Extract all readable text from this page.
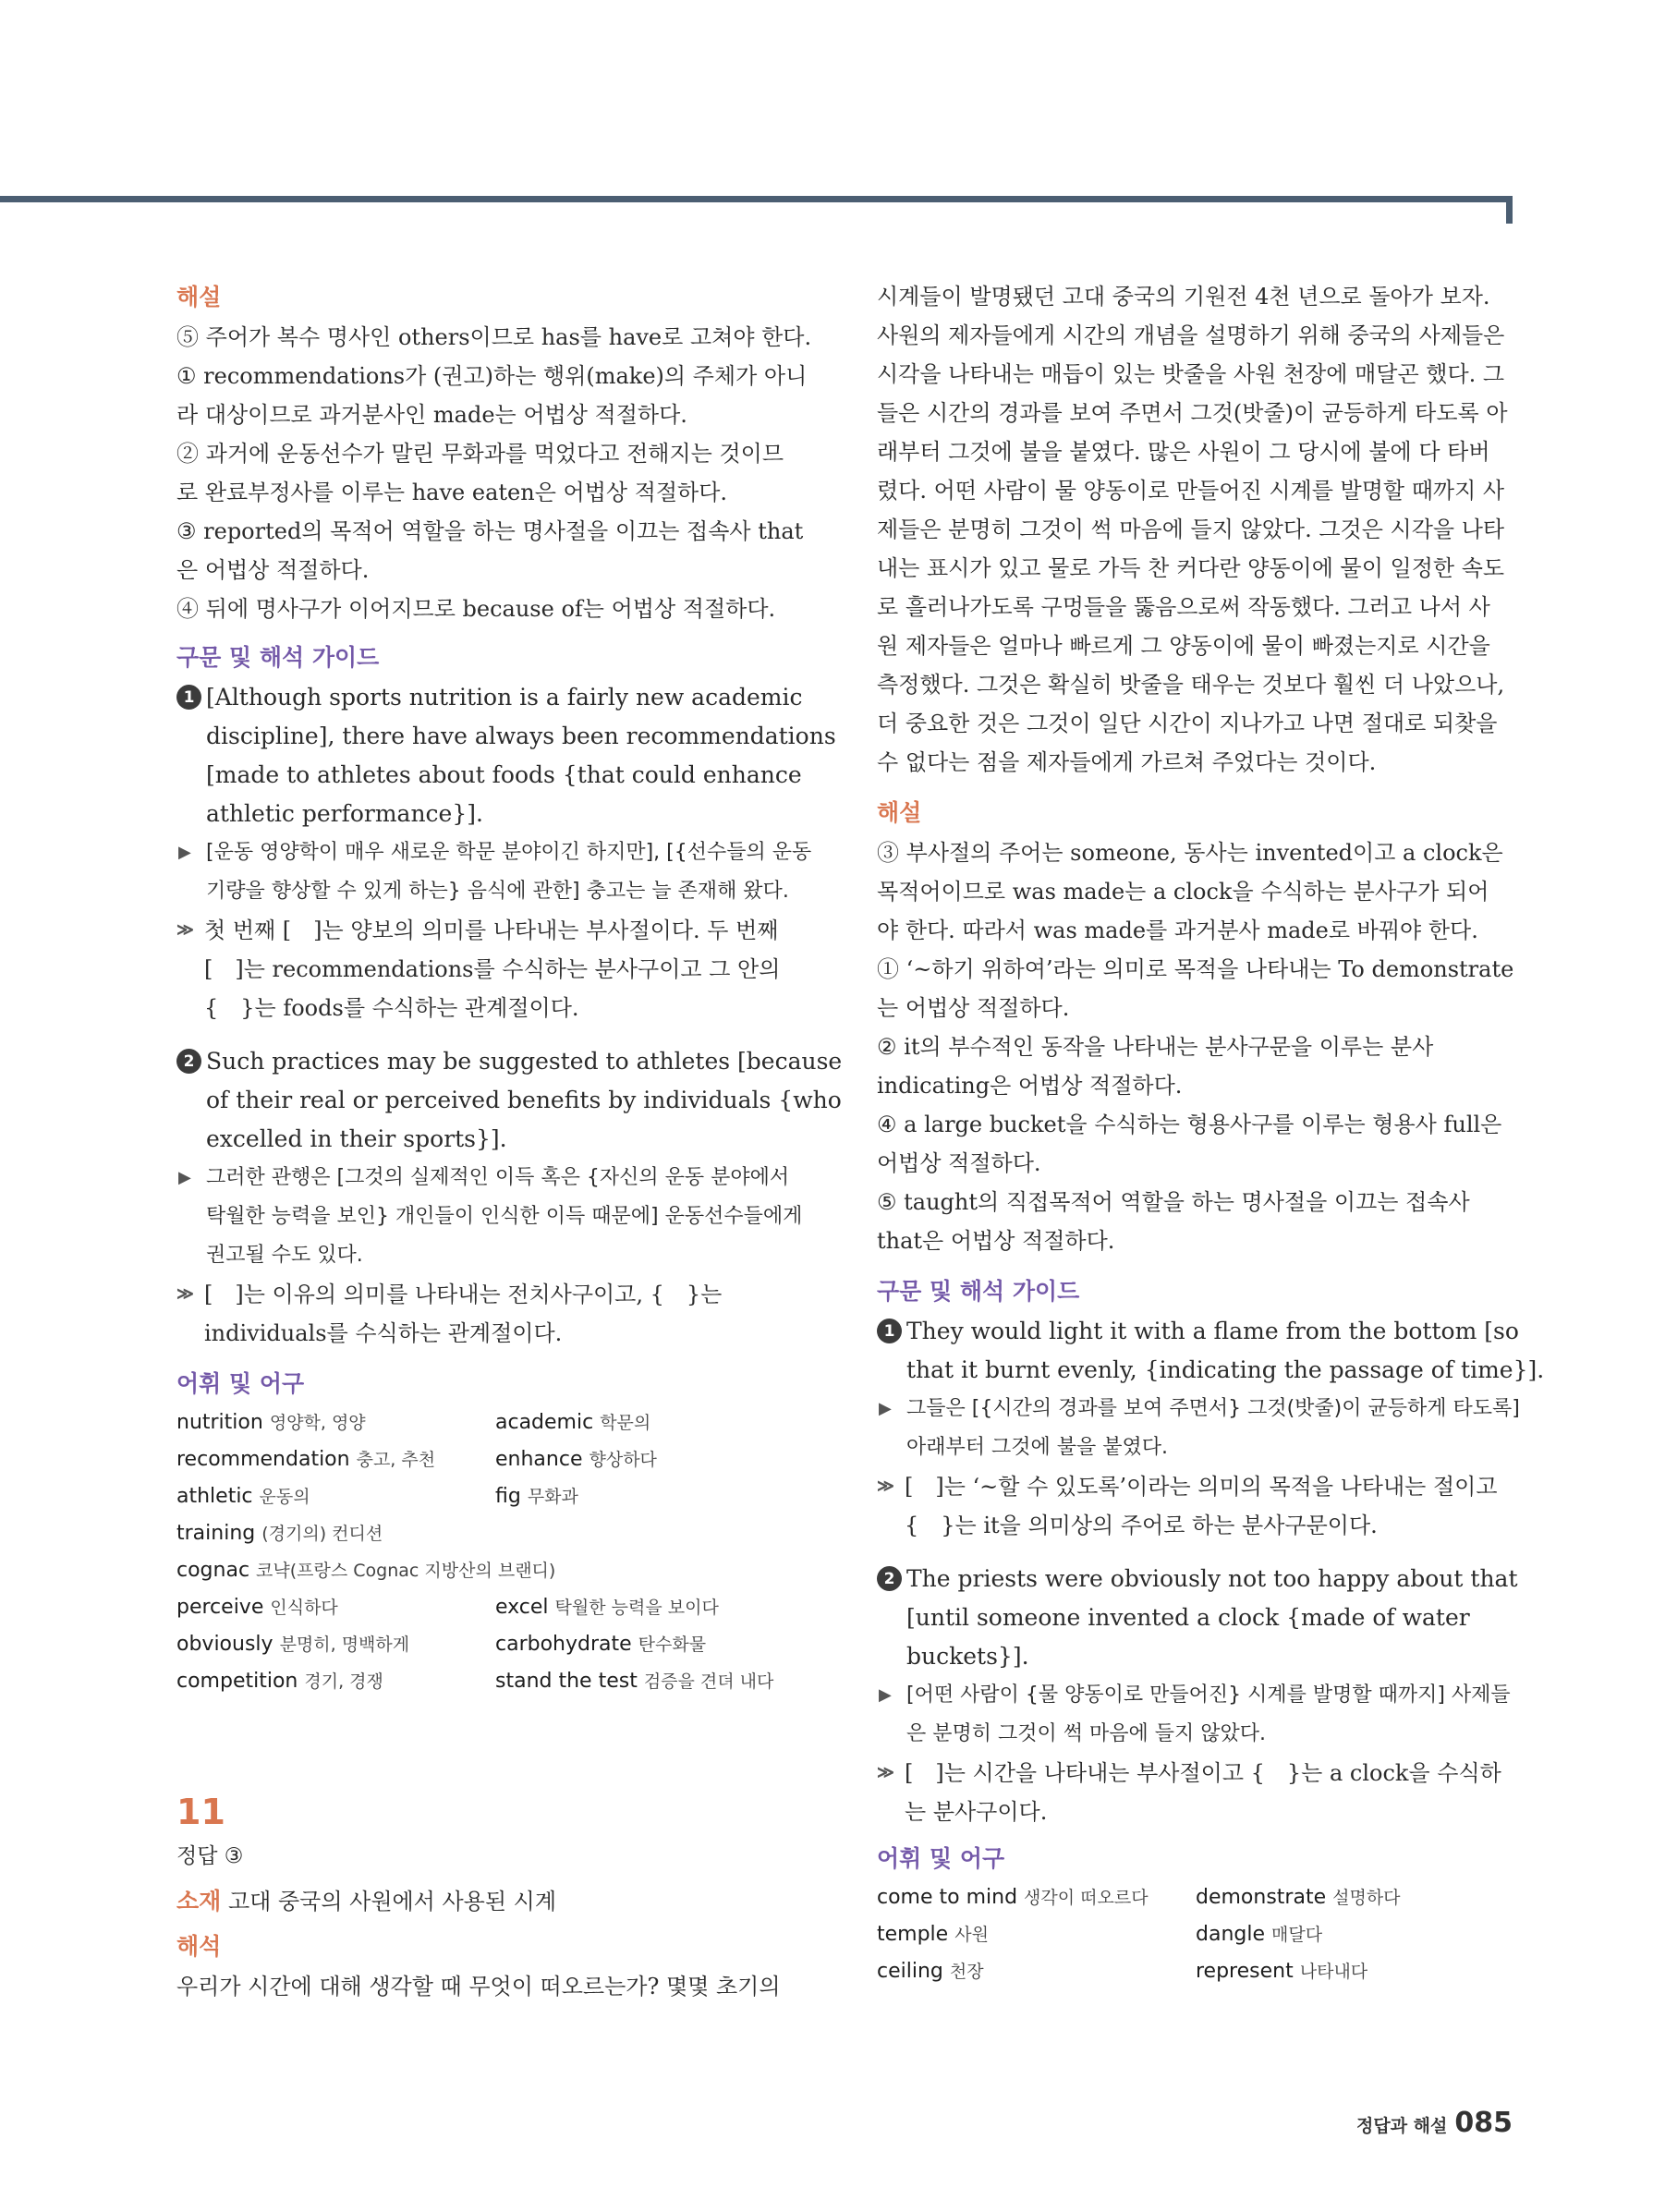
해설

⑤ 주어가 복수 명사인 others이므로 has를 have로 고쳐야 한다.

① recommendations가 (권고)하는 행위(make)의 주체가 아니

라 대상이므로 과거분사인 made는 어법상 적절하다.

② 과거에 운동선수가 말린 무화과를 먹었다고 전해지는 것이므

로 완료부정사를 이루는 have eaten은 어법상 적절하다.

③ reported의 목적어 역할을 하는 명사절을 이끄는 접속사 that

은 어법상 적절하다.

④ 뒤에 명사구가 이어지므로 because of는 어법상 적절하다.

구문 및 해석 가이드

1 [Although sports nutrition is a fairly new academic

discipline], there have always been recommendations

[made to athletes about foods {that could enhance

athletic performance}].

▶ [운동 영양학이 매우 새로운 학문 분야이긴 하지만], [{선수들의 운동

기량을 향상할 수 있게 하는} 음식에 관한] 충고는 늘 존재해 왔다.

≫ 첫 번째 [　]는 양보의 의미를 나타내는 부사절이다. 두 번째

[　]는 recommendations를 수식하는 분사구이고 그 안의

{　}는 foods를 수식하는 관계절이다.

2 Such practices may be suggested to athletes [because

of their real or perceived benefits by individuals {who

excelled in their sports}].

▶ 그러한 관행은 [그것의 실제적인 이득 혹은 {자신의 운동 분야에서

탁월한 능력을 보인} 개인들이 인식한 이득 때문에] 운동선수들에게

권고될 수도 있다.

≫ [　]는 이유의 의미를 나타내는 전치사구이고, {　}는

individuals를 수식하는 관계절이다.

어휘 및 어구

nutrition 영양학, 영양	academic 학문의
recommendation 충고, 추천	enhance 향상하다
athletic 운동의	fig 무화과
training (경기의) 컨디션
cognac 코냑(프랑스 Cognac 지방산의 브랜디)
perceive 인식하다	excel 탁월한 능력을 보이다
obviously 분명히, 명백하게	carbohydrate 탄수화물
competition 경기, 경쟁	stand the test 검증을 견뎌 내다

11

정답 ③

소재 고대 중국의 사원에서 사용된 시계

해석

우리가 시간에 대해 생각할 때 무엇이 떠오르는가? 몇몇 초기의

시계들이 발명됐던 고대 중국의 기원전 4천 년으로 돌아가 보자.

사원의 제자들에게 시간의 개념을 설명하기 위해 중국의 사제들은

시각을 나타내는 매듭이 있는 밧줄을 사원 천장에 매달곤 했다. 그

들은 시간의 경과를 보여 주면서 그것(밧줄)이 균등하게 타도록 아

래부터 그것에 불을 붙였다. 많은 사원이 그 당시에 불에 다 타버

렸다. 어떤 사람이 물 양동이로 만들어진 시계를 발명할 때까지 사

제들은 분명히 그것이 썩 마음에 들지 않았다. 그것은 시각을 나타

내는 표시가 있고 물로 가득 찬 커다란 양동이에 물이 일정한 속도

로 흘러나가도록 구멍들을 뚫음으로써 작동했다. 그러고 나서 사

원 제자들은 얼마나 빠르게 그 양동이에 물이 빠졌는지로 시간을

측정했다. 그것은 확실히 밧줄을 태우는 것보다 훨씬 더 나았으나,

더 중요한 것은 그것이 일단 시간이 지나가고 나면 절대로 되찾을

수 없다는 점을 제자들에게 가르쳐 주었다는 것이다.

해설

③ 부사절의 주어는 someone, 동사는 invented이고 a clock은

목적어이므로 was made는 a clock을 수식하는 분사구가 되어

야 한다. 따라서 was made를 과거분사 made로 바꿔야 한다.

① ‘~하기 위하여’라는 의미로 목적을 나타내는 To demonstrate

는 어법상 적절하다.

② it의 부수적인 동작을 나타내는 분사구문을 이루는 분사

indicating은 어법상 적절하다.

④ a large bucket을 수식하는 형용사구를 이루는 형용사 full은

어법상 적절하다.

⑤ taught의 직접목적어 역할을 하는 명사절을 이끄는 접속사

that은 어법상 적절하다.

구문 및 해석 가이드

1 They would light it with a flame from the bottom [so

that it burnt evenly, {indicating the passage of time}].

▶ 그들은 [{시간의 경과를 보여 주면서} 그것(밧줄)이 균등하게 타도록]

아래부터 그것에 불을 붙였다.

≫ [　]는 ‘~할 수 있도록’이라는 의미의 목적을 나타내는 절이고

{　}는 it을 의미상의 주어로 하는 분사구문이다.

2 The priests were obviously not too happy about that

[until someone invented a clock {made of water

buckets}].

▶ [어떤 사람이 {물 양동이로 만들어진} 시계를 발명할 때까지] 사제들

은 분명히 그것이 썩 마음에 들지 않았다.

≫ [　]는 시간을 나타내는 부사절이고 {　}는 a clock을 수식하

는 분사구이다.

어휘 및 어구

come to mind 생각이 떠오르다	demonstrate 설명하다
temple 사원	dangle 매달다
ceiling 천장	represent 나타내다
정답과 해설 085
